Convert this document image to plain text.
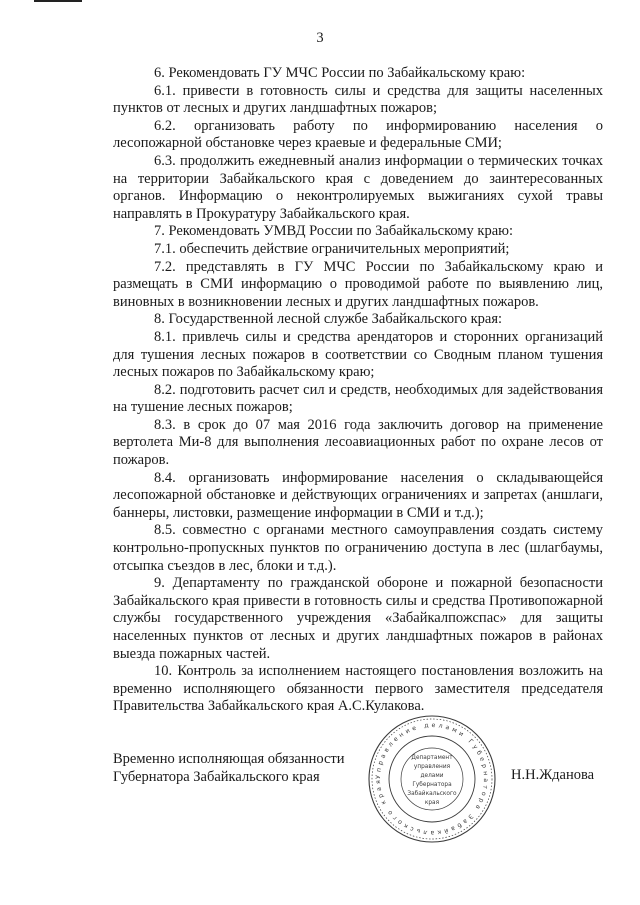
3

6. Рекомендовать ГУ МЧС России по Забайкальскому краю:

6.1. привести в готовность силы и средства для защиты населенных пунктов от лесных и других ландшафтных пожаров;

6.2. организовать работу по информированию населения о лесопожарной обстановке через краевые и федеральные СМИ;

6.3. продолжить ежедневный анализ информации о термических точках на территории Забайкальского края с доведением до заинтересованных органов. Информацию о неконтролируемых выжиганиях сухой травы направлять в Прокуратуру Забайкальского края.

7. Рекомендовать УМВД России по Забайкальскому краю:

7.1. обеспечить действие ограничительных мероприятий;

7.2. представлять в ГУ МЧС России по Забайкальскому краю и размещать в СМИ информацию о проводимой работе по выявлению лиц, виновных в возникновении лесных и других ландшафтных пожаров.

8. Государственной лесной службе Забайкальского края:

8.1. привлечь силы и средства арендаторов и сторонних организаций для тушения лесных пожаров в соответствии со Сводным планом тушения лесных пожаров по Забайкальскому краю;

8.2. подготовить расчет сил и средств, необходимых для задействования на тушение лесных пожаров;

8.3. в срок до 07 мая 2016 года заключить договор на применение вертолета Ми-8 для выполнения лесоавиационных работ по охране лесов от пожаров.

8.4. организовать информирование населения о складывающейся лесопожарной обстановке и действующих ограничениях и запретах (аншлаги, баннеры, листовки, размещение информации в СМИ и т.д.);

8.5. совместно с органами местного самоуправления создать систему контрольно-пропускных пунктов по ограничению доступа в лес (шлагбаумы, отсыпка съездов в лес, блоки и т.д.).

9. Департаменту по гражданской обороне и пожарной безопасности Забайкальского края привести в готовность силы и средства Противопожарной службы государственного учреждения «Забайкалпожспас» для защиты населенных пунктов от лесных и других ландшафтных пожаров в районах выезда пожарных частей.

10. Контроль за исполнением настоящего постановления возложить на временно исполняющего обязанности первого заместителя председателя Правительства Забайкальского края А.С.Кулакова.

Временно исполняющая обязанности
Губернатора Забайкальского края	Управление делами Губернатора Забайкальского края
Департамент
управления
делами
Губернатора
Забайкальского
края
Н.Н.Жданова
